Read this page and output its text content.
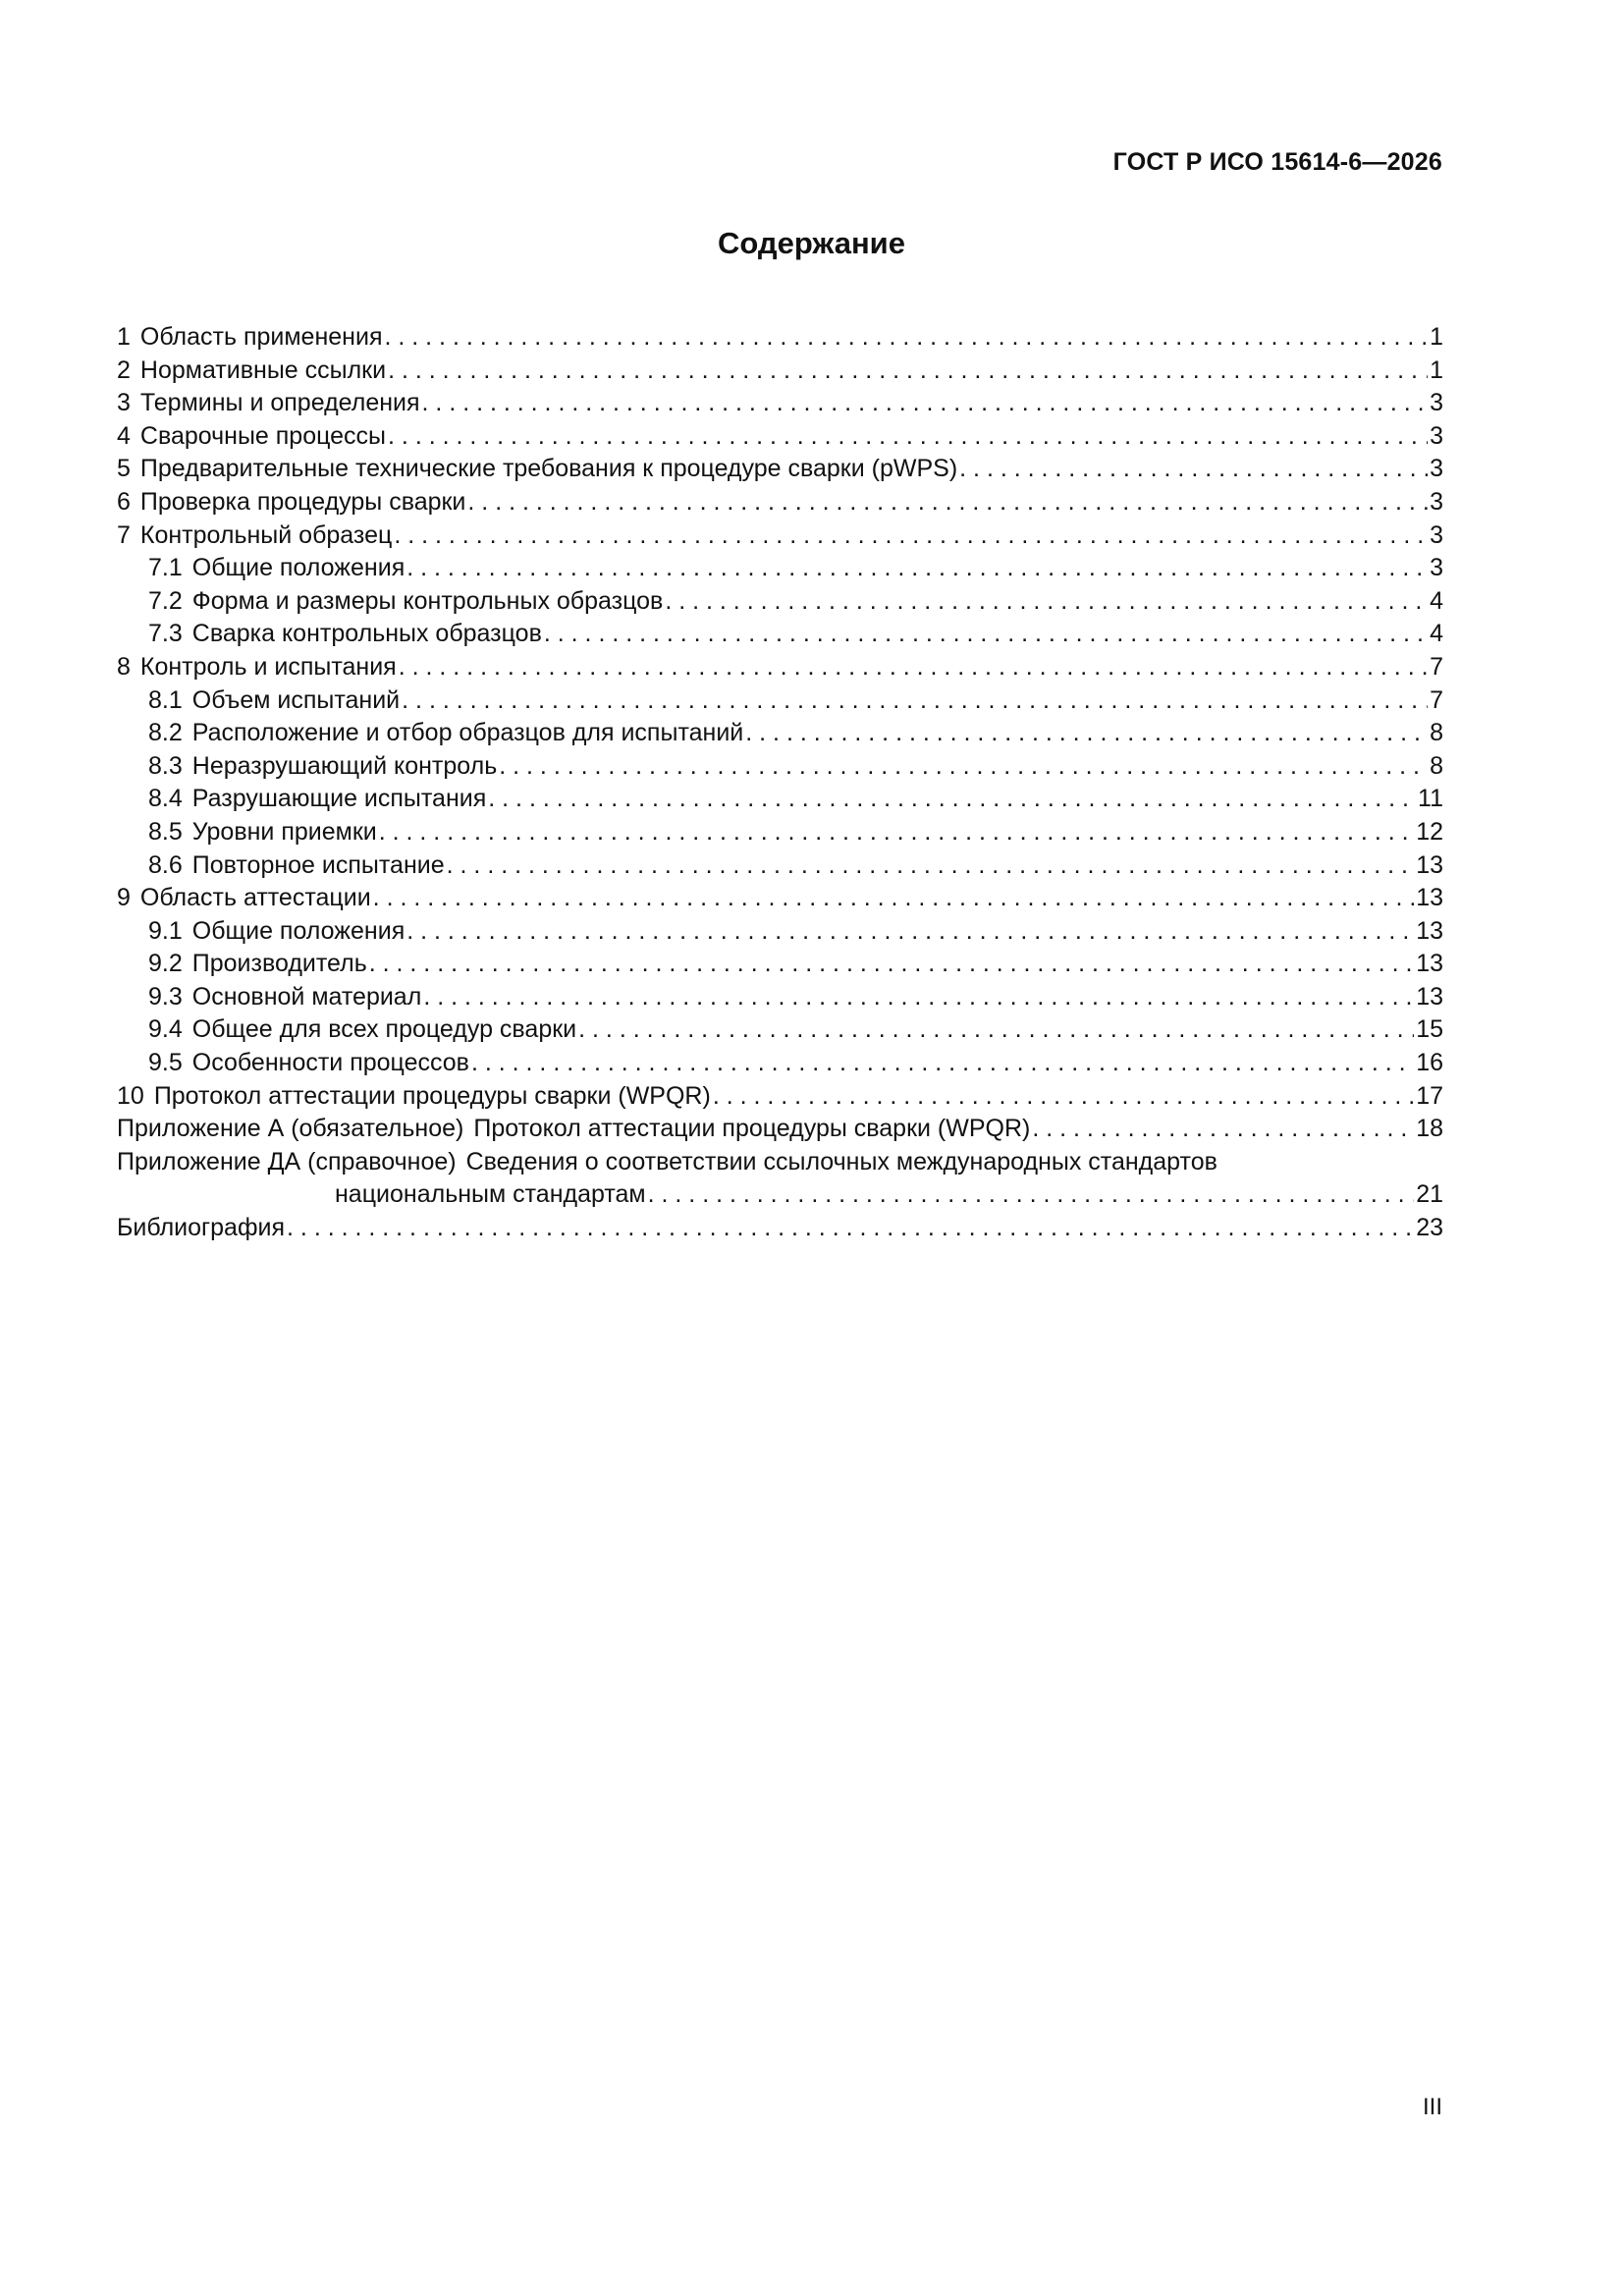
ГОСТ Р ИСО 15614-6—2026
Содержание
1 Область применения . . .	1
2 Нормативные ссылки . . .	1
3 Термины и определения . . .	3
4 Сварочные процессы . . .	3
5 Предварительные технические требования к процедуре сварки (pWPS) . . .	3
6 Проверка процедуры сварки . . .	3
7 Контрольный образец . . .	3
7.1 Общие положения . . .	3
7.2 Форма и размеры контрольных образцов . . .	4
7.3 Сварка контрольных образцов . . .	4
8 Контроль и испытания . . .	7
8.1 Объем испытаний . . .	7
8.2 Расположение и отбор образцов для испытаний . . .	8
8.3 Неразрушающий контроль . . .	8
8.4 Разрушающие испытания . . .	11
8.5 Уровни приемки . . .	12
8.6 Повторное испытание . . .	13
9 Область аттестации . . .	13
9.1 Общие положения . . .	13
9.2 Производитель . . .	13
9.3 Основной материал . . .	13
9.4 Общее для всех процедур сварки . . .	15
9.5 Особенности процессов . . .	16
10 Протокол аттестации процедуры сварки (WPQR) . . .	17
Приложение А (обязательное) Протокол аттестации процедуры сварки (WPQR) . . .	18
Приложение ДА (справочное) Сведения о соответствии ссылочных международных стандартов
национальным стандартам . . .	21
Библиография . . .	23
III
